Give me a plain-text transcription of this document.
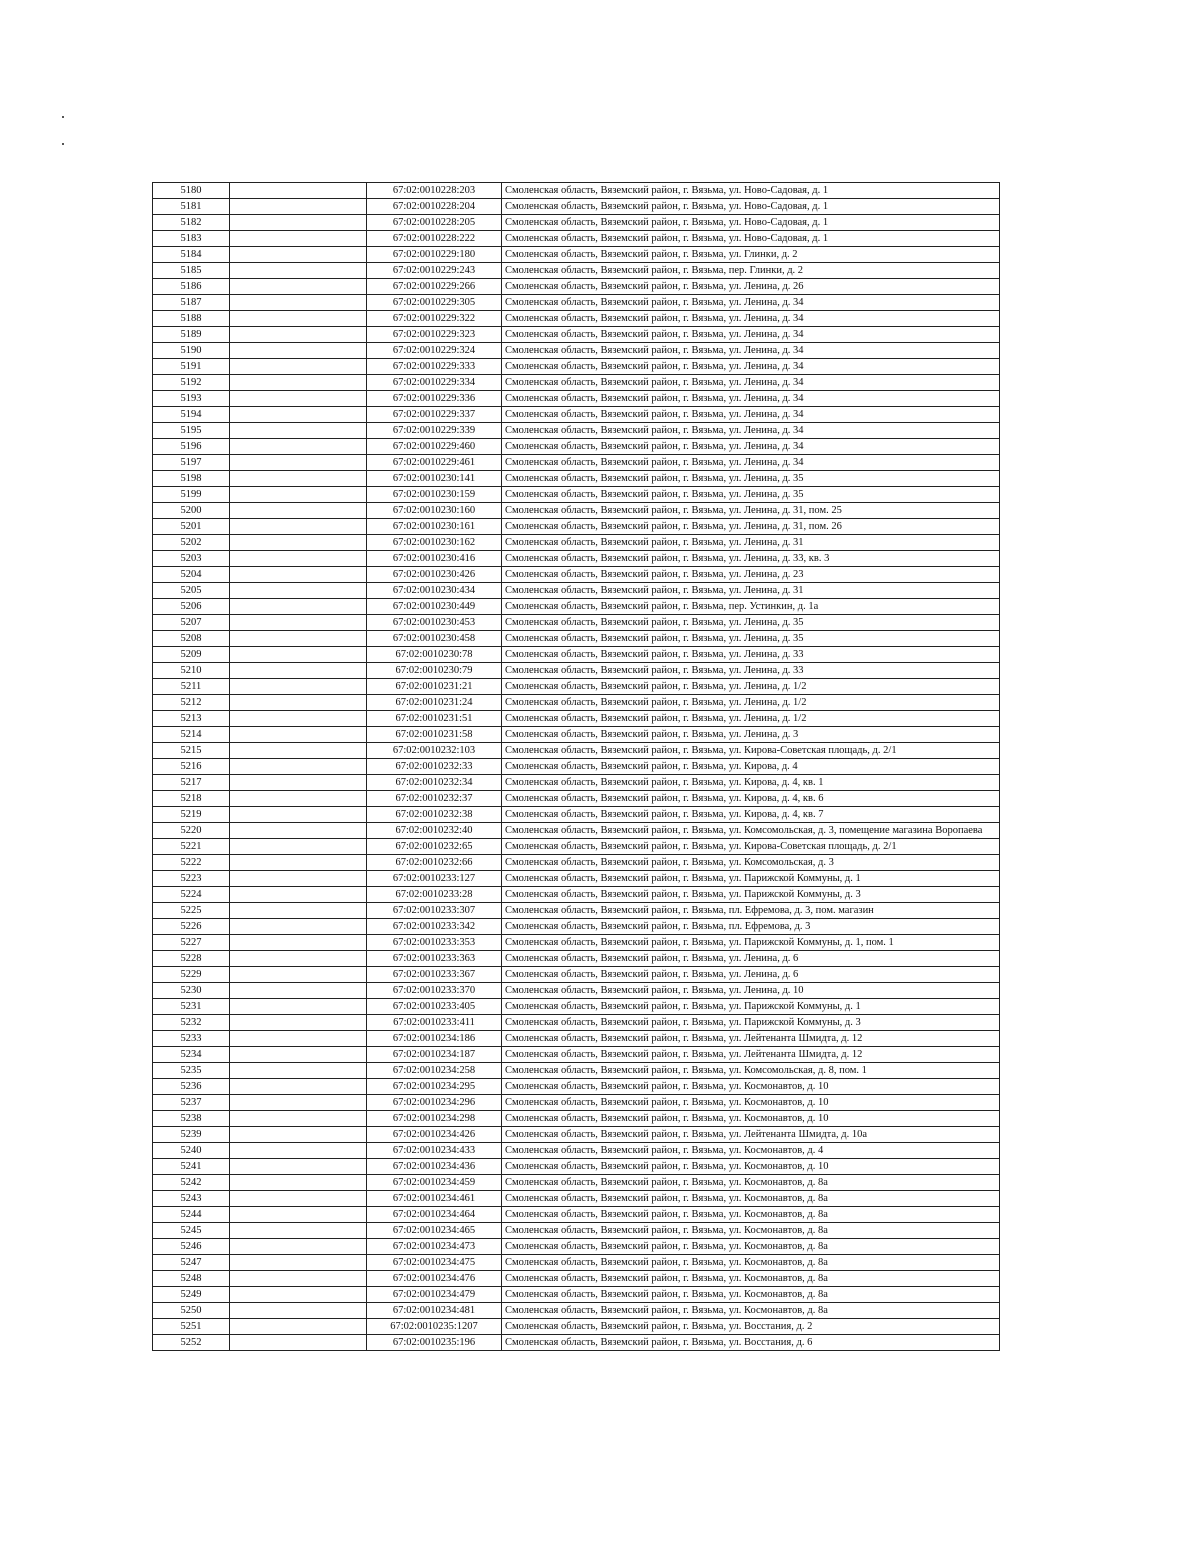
5180		67:02:0010228:203	Смоленская область, Вяземский район, г. Вязьма, ул. Ново-Садовая, д. 1
5181		67:02:0010228:204	Смоленская область, Вяземский район, г. Вязьма, ул. Ново-Садовая, д. 1
5182		67:02:0010228:205	Смоленская область, Вяземский район, г. Вязьма, ул. Ново-Садовая, д. 1
5183		67:02:0010228:222	Смоленская область, Вяземский район, г. Вязьма, ул. Ново-Садовая, д. 1
5184		67:02:0010229:180	Смоленская область, Вяземский район, г. Вязьма, ул. Глинки, д. 2
5185		67:02:0010229:243	Смоленская область, Вяземский район, г. Вязьма, пер. Глинки, д. 2
5186		67:02:0010229:266	Смоленская область, Вяземский район, г. Вязьма, ул. Ленина, д. 26
5187		67:02:0010229:305	Смоленская область, Вяземский район, г. Вязьма, ул. Ленина, д. 34
5188		67:02:0010229:322	Смоленская область, Вяземский район, г. Вязьма, ул. Ленина, д. 34
5189		67:02:0010229:323	Смоленская область, Вяземский район, г. Вязьма, ул. Ленина, д. 34
5190		67:02:0010229:324	Смоленская область, Вяземский район, г. Вязьма, ул. Ленина, д. 34
5191		67:02:0010229:333	Смоленская область, Вяземский район, г. Вязьма, ул. Ленина, д. 34
5192		67:02:0010229:334	Смоленская область, Вяземский район, г. Вязьма, ул. Ленина, д. 34
5193		67:02:0010229:336	Смоленская область, Вяземский район, г. Вязьма, ул. Ленина, д. 34
5194		67:02:0010229:337	Смоленская область, Вяземский район, г. Вязьма, ул. Ленина, д. 34
5195		67:02:0010229:339	Смоленская область, Вяземский район, г. Вязьма, ул. Ленина, д. 34
5196		67:02:0010229:460	Смоленская область, Вяземский район, г. Вязьма, ул. Ленина, д. 34
5197		67:02:0010229:461	Смоленская область, Вяземский район, г. Вязьма, ул. Ленина, д. 34
5198		67:02:0010230:141	Смоленская область, Вяземский район, г. Вязьма, ул. Ленина, д. 35
5199		67:02:0010230:159	Смоленская область, Вяземский район, г. Вязьма, ул. Ленина, д. 35
5200		67:02:0010230:160	Смоленская область, Вяземский район, г. Вязьма, ул. Ленина, д. 31, пом. 25
5201		67:02:0010230:161	Смоленская область, Вяземский район, г. Вязьма, ул. Ленина, д. 31, пом. 26
5202		67:02:0010230:162	Смоленская область, Вяземский район, г. Вязьма, ул. Ленина, д. 31
5203		67:02:0010230:416	Смоленская область, Вяземский район, г. Вязьма, ул. Ленина, д. 33, кв. 3
5204		67:02:0010230:426	Смоленская область, Вяземский район, г. Вязьма, ул. Ленина, д. 23
5205		67:02:0010230:434	Смоленская область, Вяземский район, г. Вязьма, ул. Ленина, д. 31
5206		67:02:0010230:449	Смоленская область, Вяземский район, г. Вязьма, пер. Устинкин, д. 1а
5207		67:02:0010230:453	Смоленская область, Вяземский район, г. Вязьма, ул. Ленина, д. 35
5208		67:02:0010230:458	Смоленская область, Вяземский район, г. Вязьма, ул. Ленина, д. 35
5209		67:02:0010230:78	Смоленская область, Вяземский район, г. Вязьма, ул. Ленина, д. 33
5210		67:02:0010230:79	Смоленская область, Вяземский район, г. Вязьма, ул. Ленина, д. 33
5211		67:02:0010231:21	Смоленская область, Вяземский район, г. Вязьма, ул. Ленина, д. 1/2
5212		67:02:0010231:24	Смоленская область, Вяземский район, г. Вязьма, ул. Ленина, д. 1/2
5213		67:02:0010231:51	Смоленская область, Вяземский район, г. Вязьма, ул. Ленина, д. 1/2
5214		67:02:0010231:58	Смоленская область, Вяземский район, г. Вязьма, ул. Ленина, д. 3
5215		67:02:0010232:103	Смоленская область, Вяземский район, г. Вязьма, ул. Кирова-Советская площадь, д. 2/1
5216		67:02:0010232:33	Смоленская область, Вяземский район, г. Вязьма, ул. Кирова, д. 4
5217		67:02:0010232:34	Смоленская область, Вяземский район, г. Вязьма, ул. Кирова, д. 4, кв. 1
5218		67:02:0010232:37	Смоленская область, Вяземский район, г. Вязьма, ул. Кирова, д. 4, кв. 6
5219		67:02:0010232:38	Смоленская область, Вяземский район, г. Вязьма, ул. Кирова, д. 4, кв. 7
5220		67:02:0010232:40	Смоленская область, Вяземский район, г. Вязьма, ул. Комсомольская, д. 3, помещение магазина Воропаева
5221		67:02:0010232:65	Смоленская область, Вяземский район, г. Вязьма, ул. Кирова-Советская площадь, д. 2/1
5222		67:02:0010232:66	Смоленская область, Вяземский район, г. Вязьма, ул. Комсомольская, д. 3
5223		67:02:0010233:127	Смоленская область, Вяземский район, г. Вязьма, ул. Парижской Коммуны, д. 1
5224		67:02:0010233:28	Смоленская область, Вяземский район, г. Вязьма, ул. Парижской Коммуны, д. 3
5225		67:02:0010233:307	Смоленская область, Вяземский район, г. Вязьма, пл. Ефремова, д. 3, пом. магазин
5226		67:02:0010233:342	Смоленская область, Вяземский район, г. Вязьма, пл. Ефремова, д. 3
5227		67:02:0010233:353	Смоленская область, Вяземский район, г. Вязьма, ул. Парижской Коммуны, д. 1, пом. 1
5228		67:02:0010233:363	Смоленская область, Вяземский район, г. Вязьма, ул. Ленина, д. 6
5229		67:02:0010233:367	Смоленская область, Вяземский район, г. Вязьма, ул. Ленина, д. 6
5230		67:02:0010233:370	Смоленская область, Вяземский район, г. Вязьма, ул. Ленина, д. 10
5231		67:02:0010233:405	Смоленская область, Вяземский район, г. Вязьма, ул. Парижской Коммуны, д. 1
5232		67:02:0010233:411	Смоленская область, Вяземский район, г. Вязьма, ул. Парижской Коммуны, д. 3
5233		67:02:0010234:186	Смоленская область, Вяземский район, г. Вязьма, ул. Лейтенанта Шмидта, д. 12
5234		67:02:0010234:187	Смоленская область, Вяземский район, г. Вязьма, ул. Лейтенанта Шмидта, д. 12
5235		67:02:0010234:258	Смоленская область, Вяземский район, г. Вязьма, ул. Комсомольская, д. 8, пом. 1
5236		67:02:0010234:295	Смоленская область, Вяземский район, г. Вязьма, ул. Космонавтов, д. 10
5237		67:02:0010234:296	Смоленская область, Вяземский район, г. Вязьма, ул. Космонавтов, д. 10
5238		67:02:0010234:298	Смоленская область, Вяземский район, г. Вязьма, ул. Космонавтов, д. 10
5239		67:02:0010234:426	Смоленская область, Вяземский район, г. Вязьма, ул. Лейтенанта Шмидта, д. 10а
5240		67:02:0010234:433	Смоленская область, Вяземский район, г. Вязьма, ул. Космонавтов, д. 4
5241		67:02:0010234:436	Смоленская область, Вяземский район, г. Вязьма, ул. Космонавтов, д. 10
5242		67:02:0010234:459	Смоленская область, Вяземский район, г. Вязьма, ул. Космонавтов, д. 8а
5243		67:02:0010234:461	Смоленская область, Вяземский район, г. Вязьма, ул. Космонавтов, д. 8а
5244		67:02:0010234:464	Смоленская область, Вяземский район, г. Вязьма, ул. Космонавтов, д. 8а
5245		67:02:0010234:465	Смоленская область, Вяземский район, г. Вязьма, ул. Космонавтов, д. 8а
5246		67:02:0010234:473	Смоленская область, Вяземский район, г. Вязьма, ул. Космонавтов, д. 8а
5247		67:02:0010234:475	Смоленская область, Вяземский район, г. Вязьма, ул. Космонавтов, д. 8а
5248		67:02:0010234:476	Смоленская область, Вяземский район, г. Вязьма, ул. Космонавтов, д. 8а
5249		67:02:0010234:479	Смоленская область, Вяземский район, г. Вязьма, ул. Космонавтов, д. 8а
5250		67:02:0010234:481	Смоленская область, Вяземский район, г. Вязьма, ул. Космонавтов, д. 8а
5251		67:02:0010235:1207	Смоленская область, Вяземский район, г. Вязьма, ул. Восстания, д. 2
5252		67:02:0010235:196	Смоленская область, Вяземский район, г. Вязьма, ул. Восстания, д. 6
